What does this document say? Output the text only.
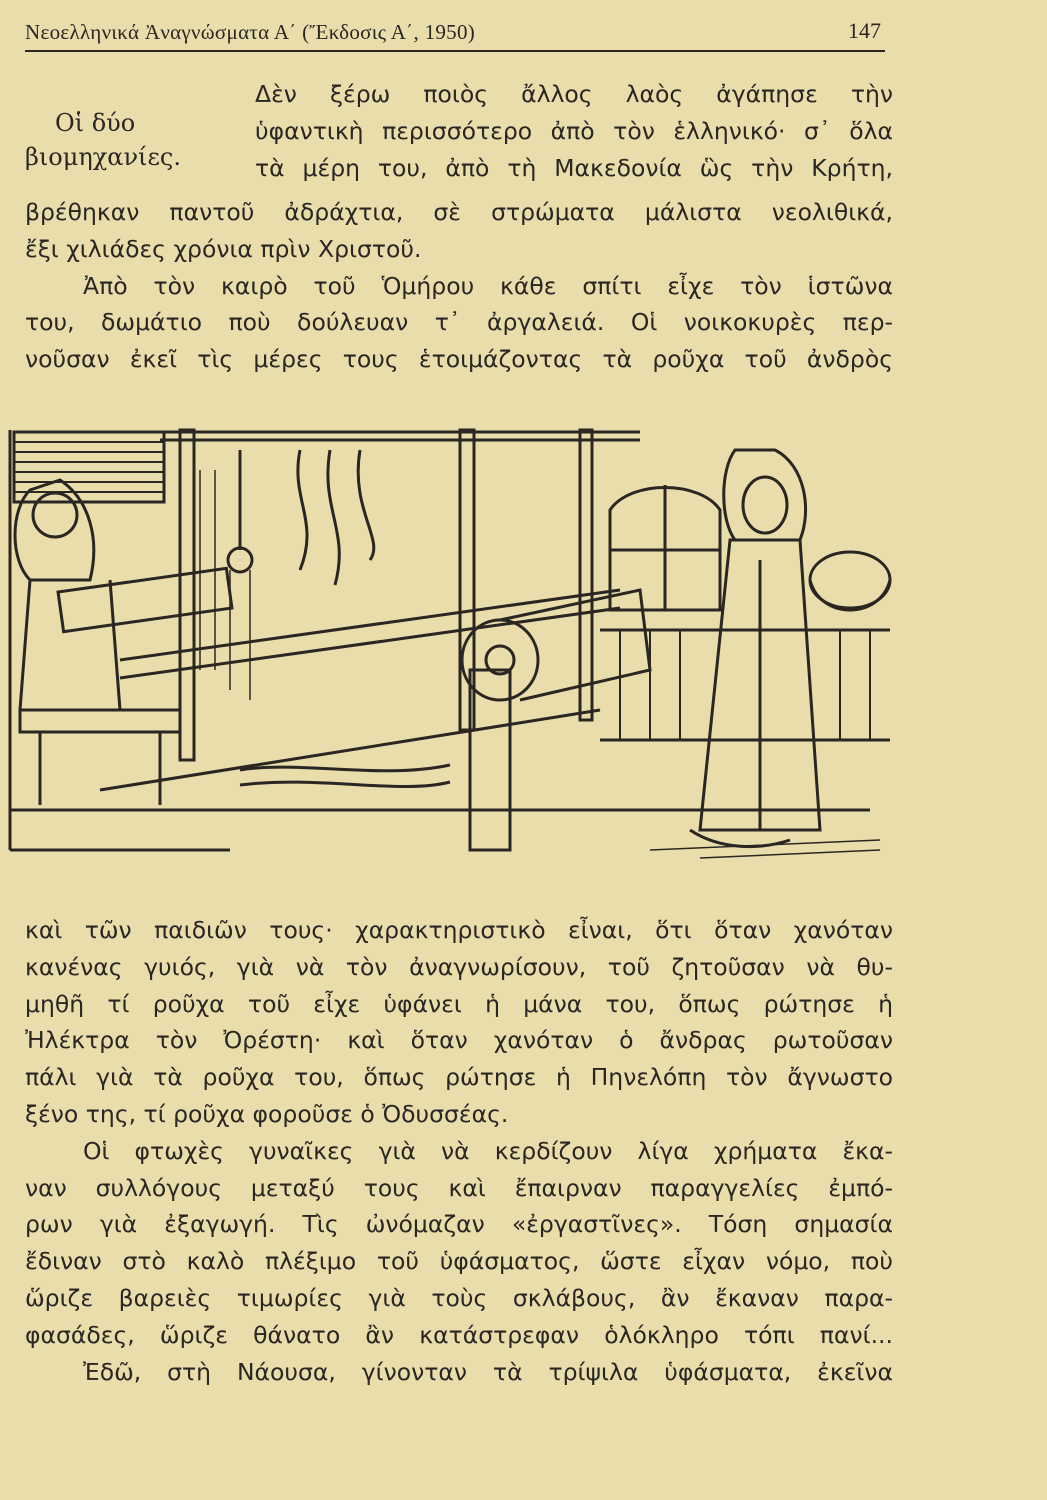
Νεοελληνικά Ἀναγνώσματα Α΄ (Ἔκδοσις Α΄, 1950)	147
Οἱ δύο
βιομηχανίες.
Δὲν ξέρω ποιὸς ἄλλος λαὸς ἀγάπησε τὴν
ὑφαντικὴ περισσότερο ἀπὸ τὸν ἑλληνικό· σ᾿ ὅλα
τὰ μέρη του, ἀπὸ τὴ Μακεδονία ὣς τὴν Κρήτη,
βρέθηκαν παντοῦ ἀδράχτια, σὲ στρώματα μάλιστα νεολιθικά,
ἔξι χιλιάδες χρόνια πρὶν Χριστοῦ.
Ἀπὸ τὸν καιρὸ τοῦ Ὁμήρου κάθε σπίτι εἶχε τὸν ἱστῶνα
του, δωμάτιο ποὺ δούλευαν τ᾿ ἀργαλειά. Οἱ νοικοκυρὲς περ-
νοῦσαν ἐκεῖ τὶς μέρες τους ἑτοιμάζοντας τὰ ροῦχα τοῦ ἀνδρὸς
καὶ τῶν παιδιῶν τους· χαρακτηριστικὸ εἶναι, ὅτι ὅταν χανόταν
κανένας γυιός, γιὰ νὰ τὸν ἀναγνωρίσουν, τοῦ ζητοῦσαν νὰ θυ-
μηθῆ τί ροῦχα τοῦ εἶχε ὑφάνει ἡ μάνα του, ὅπως ρώτησε ἡ
Ἠλέκτρα τὸν Ὀρέστη· καὶ ὅταν χανόταν ὁ ἄνδρας ρωτοῦσαν
πάλι γιὰ τὰ ροῦχα του, ὅπως ρώτησε ἡ Πηνελόπη τὸν ἄγνωστο
ξένο της, τί ροῦχα φοροῦσε ὁ Ὀδυσσέας.
Οἱ φτωχὲς γυναῖκες γιὰ νὰ κερδίζουν λίγα χρήματα ἔκα-
ναν συλλόγους μεταξύ τους καὶ ἔπαιρναν παραγγελίες ἐμπό-
ρων γιὰ ἐξαγωγή. Τὶς ὠνόμαζαν «ἐργαστῖνες». Τόση σημασία
ἔδιναν στὸ καλὸ πλέξιμο τοῦ ὑφάσματος, ὥστε εἶχαν νόμο, ποὺ
ὥριζε βαρειὲς τιμωρίες γιὰ τοὺς σκλάβους, ἂν ἔκαναν παρα-
φασάδες, ὥριζε θάνατο ἂν κατάστρεφαν ὁλόκληρο τόπι πανί...
Ἐδῶ, στὴ Νάουσα, γίνονταν τὰ τρίψιλα ὑφάσματα, ἐκεῖνα
